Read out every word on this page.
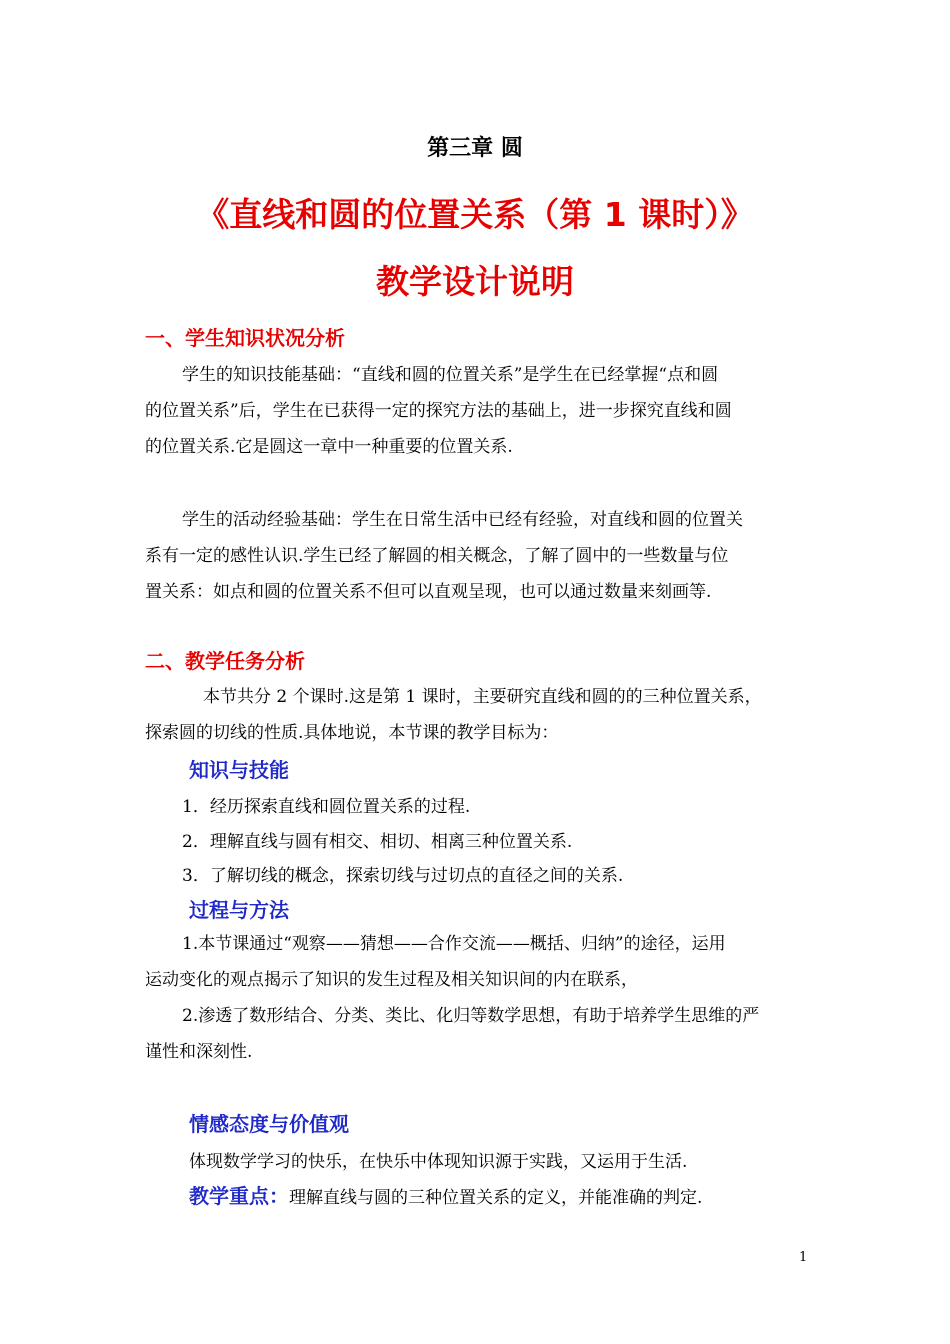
第三章 圆
《直线和圆的位置关系（第 1 课时）》
教学设计说明
一、学生知识状况分析
学生的知识技能基础：“直线和圆的位置关系”是学生在已经掌握“点和圆
的位置关系”后，学生在已获得一定的探究方法的基础上，进一步探究直线和圆
的位置关系.它是圆这一章中一种重要的位置关系.
学生的活动经验基础：学生在日常生活中已经有经验，对直线和圆的位置关
系有一定的感性认识.学生已经了解圆的相关概念，了解了圆中的一些数量与位
置关系：如点和圆的位置关系不但可以直观呈现，也可以通过数量来刻画等.
二、教学任务分析
本节共分 2 个课时.这是第 1 课时，主要研究直线和圆的的三种位置关系，
探索圆的切线的性质.具体地说，本节课的教学目标为：
知识与技能
1．经历探索直线和圆位置关系的过程.
2．理解直线与圆有相交、相切、相离三种位置关系.
3．了解切线的概念，探索切线与过切点的直径之间的关系.
过程与方法
1.本节课通过“观察——猜想——合作交流——概括、归纳”的途径，运用
运动变化的观点揭示了知识的发生过程及相关知识间的内在联系，
2.渗透了数形结合、分类、类比、化归等数学思想，有助于培养学生思维的严
谨性和深刻性.
情感态度与价值观
体现数学学习的快乐，在快乐中体现知识源于实践，又运用于生活.
教学重点：理解直线与圆的三种位置关系的定义，并能准确的判定.
1
